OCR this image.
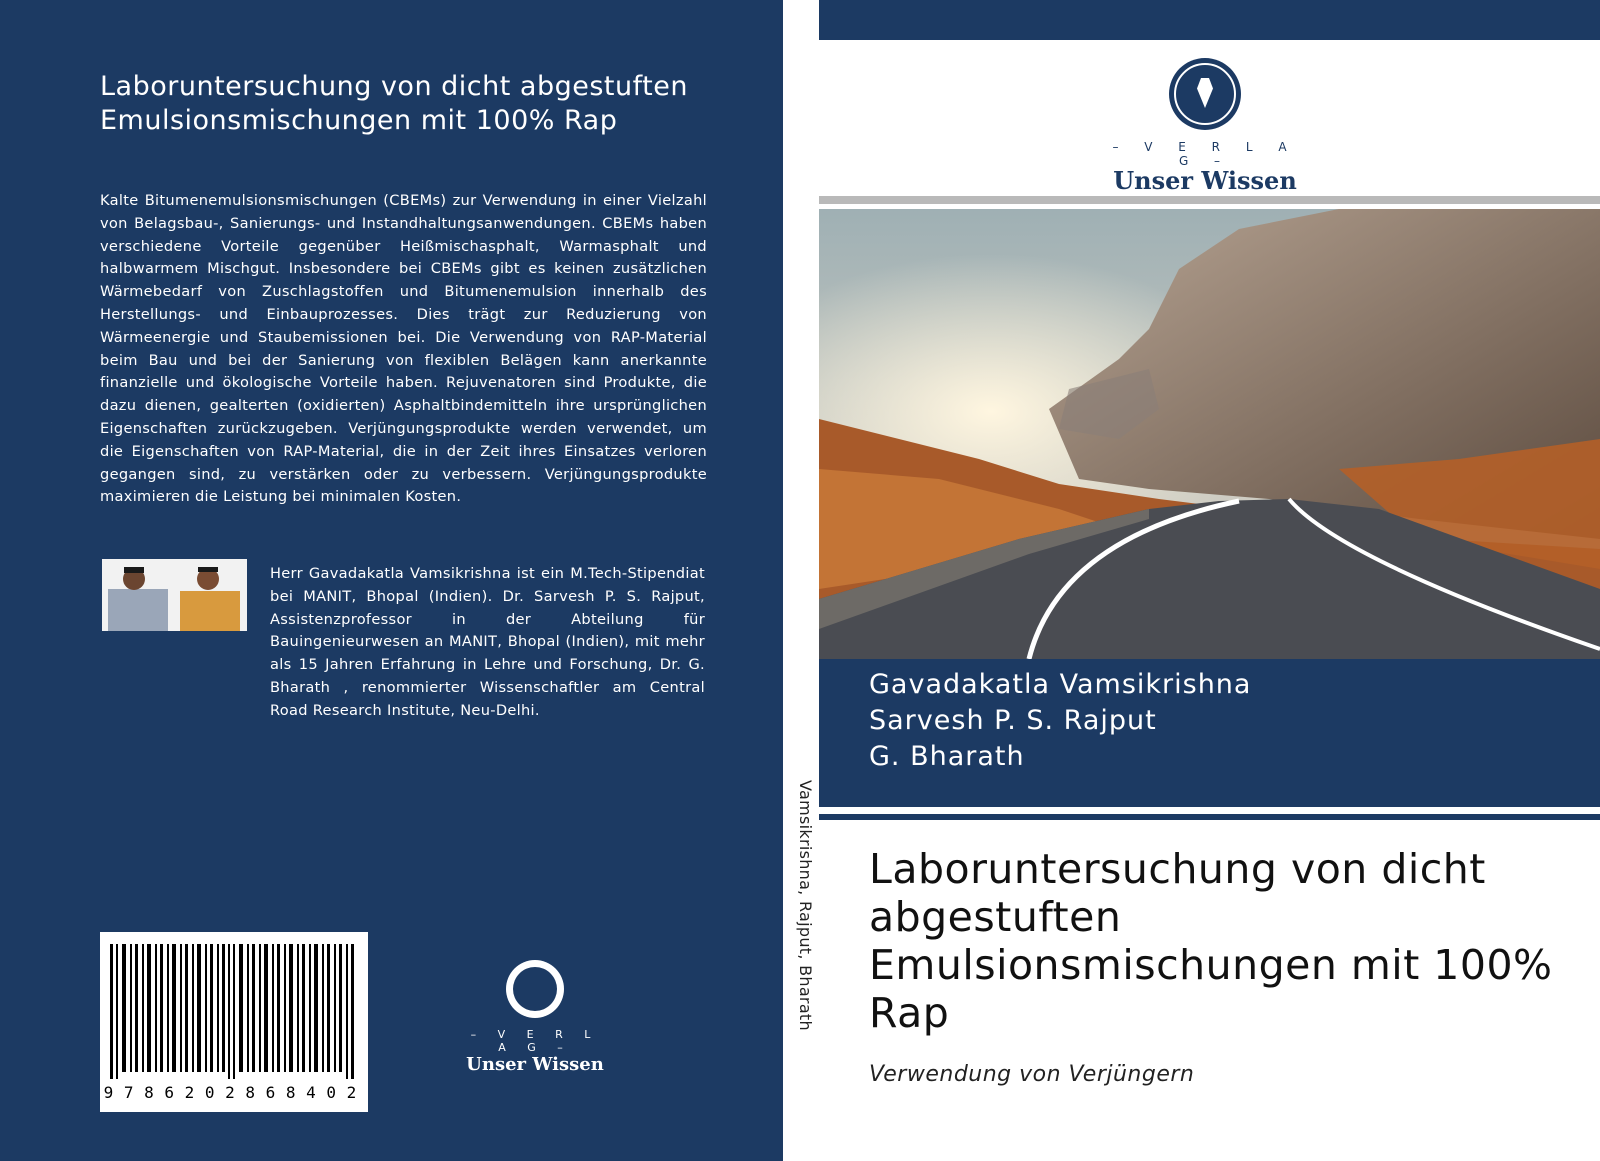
Laboruntersuchung von dicht abgestuften Emulsionsmischungen mit 100% Rap
Kalte Bitumenemulsionsmischungen (CBEMs) zur Verwendung in einer Vielzahl von Belagsbau-, Sanierungs- und Instandhaltungsanwendungen. CBEMs haben verschiedene Vorteile gegenüber Heißmischasphalt, Warmasphalt und halbwarmem Mischgut. Insbesondere bei CBEMs gibt es keinen zusätzlichen Wärmebedarf von Zuschlagstoffen und Bitumenemulsion innerhalb des Herstellungs- und Einbauprozesses. Dies trägt zur Reduzierung von Wärmeenergie und Staubemissionen bei. Die Verwendung von RAP-Material beim Bau und bei der Sanierung von flexiblen Belägen kann anerkannte finanzielle und ökologische Vorteile haben. Rejuvenatoren sind Produkte, die dazu dienen, gealterten (oxidierten) Asphaltbindemitteln ihre ursprünglichen Eigenschaften zurückzugeben. Verjüngungsprodukte werden verwendet, um die Eigenschaften von RAP-Material, die in der Zeit ihres Einsatzes verloren gegangen sind, zu verstärken oder zu verbessern. Verjüngungsprodukte maximieren die Leistung bei minimalen Kosten.
Herr Gavadakatla Vamsikrishna ist ein M.Tech-Stipendiat bei MANIT, Bhopal (Indien). Dr. Sarvesh P. S. Rajput, Assistenzprofessor in der Abteilung für Bauingenieurwesen an MANIT, Bhopal (Indien), mit mehr als 15 Jahren Erfahrung in Lehre und Forschung, Dr. G. Bharath , renommierter Wissenschaftler am Central Road Research Institute, Neu-Delhi.
9 7 8 6 2 0 2 8 6 8 4 0 2
– V E R L A G –
Unser Wissen
Vamsikrishna, Rajput, Bharath
– V E R L A G –
Unser Wissen
Gavadakatla Vamsikrishna
Sarvesh P. S. Rajput
G. Bharath
Laboruntersuchung von dicht abgestuften Emulsionsmischungen mit 100% Rap
Verwendung von Verjüngern
